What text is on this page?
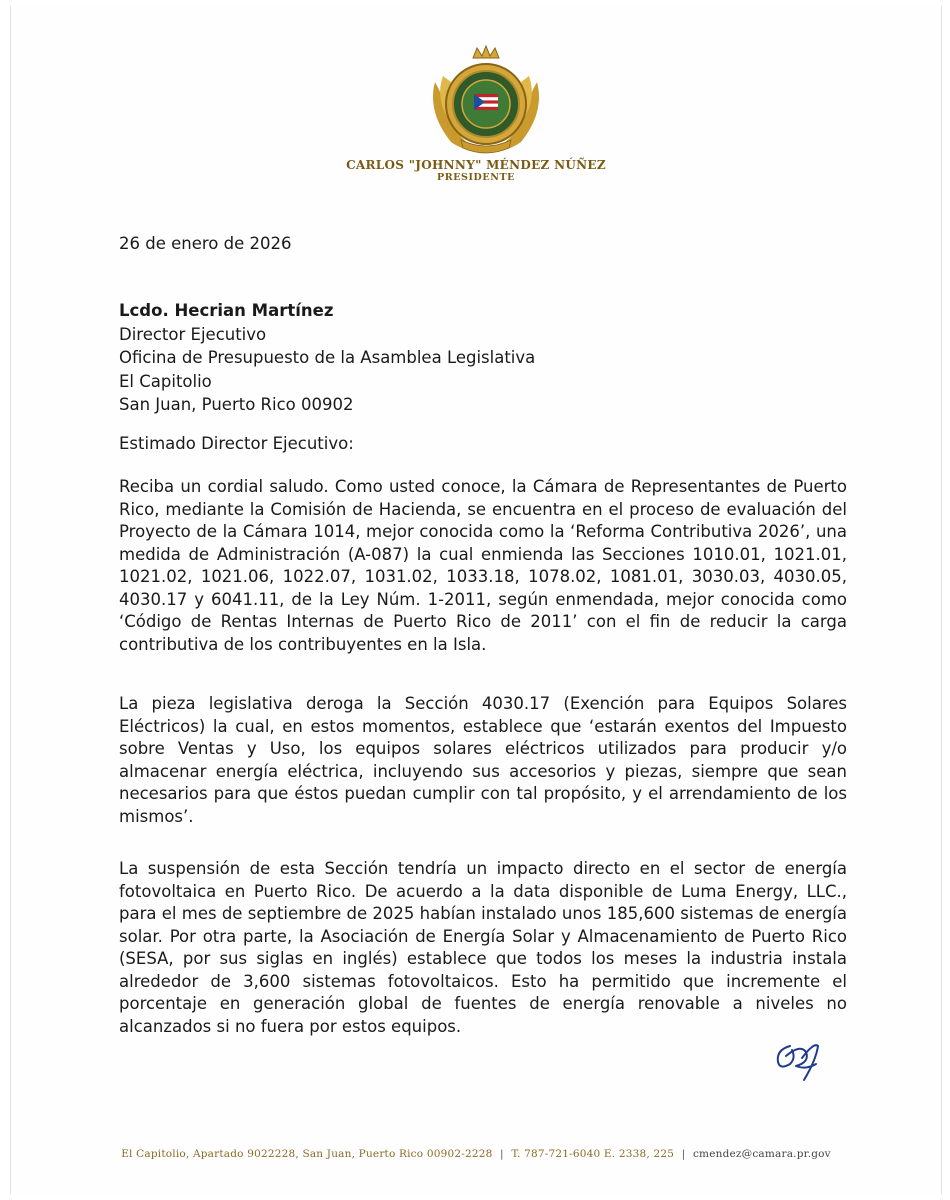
CARLOS "JOHNNY" MÉNDEZ NÚÑEZ
PRESIDENTE
26 de enero de 2026
Lcdo. Hecrian Martínez
Director Ejecutivo
Oficina de Presupuesto de la Asamblea Legislativa
El Capitolio
San Juan, Puerto Rico 00902
Estimado Director Ejecutivo:

Reciba un cordial saludo. Como usted conoce, la Cámara de Representantes de Puerto Rico, mediante la Comisión de Hacienda, se encuentra en el proceso de evaluación del Proyecto de la Cámara 1014, mejor conocida como la ‘Reforma Contributiva 2026’, una medida de Administración (A-087) la cual enmienda las Secciones 1010.01, 1021.01, 1021.02, 1021.06, 1022.07, 1031.02, 1033.18, 1078.02, 1081.01, 3030.03, 4030.05, 4030.17 y 6041.11, de la Ley Núm. 1-2011, según enmendada, mejor conocida como ‘Código de Rentas Internas de Puerto Rico de 2011’ con el fin de reducir la carga contributiva de los contribuyentes en la Isla.

La pieza legislativa deroga la Sección 4030.17 (Exención para Equipos Solares Eléctricos) la cual, en estos momentos, establece que ‘estarán exentos del Impuesto sobre Ventas y Uso, los equipos solares eléctricos utilizados para producir y/o almacenar energía eléctrica, incluyendo sus accesorios y piezas, siempre que sean necesarios para que éstos puedan cumplir con tal propósito, y el arrendamiento de los mismos’.

La suspensión de esta Sección tendría un impacto directo en el sector de energía fotovoltaica en Puerto Rico. De acuerdo a la data disponible de Luma Energy, LLC., para el mes de septiembre de 2025 habían instalado unos 185,600 sistemas de energía solar. Por otra parte, la Asociación de Energía Solar y Almacenamiento de Puerto Rico (SESA, por sus siglas en inglés) establece que todos los meses la industria instala alrededor de 3,600 sistemas fotovoltaicos. Esto ha permitido que incremente el porcentaje en generación global de fuentes de energía renovable a niveles no alcanzados si no fuera por estos equipos.

El Capitolio, Apartado 9022228, San Juan, Puerto Rico 00902-2228 | T. 787-721-6040 E. 2338, 225 | cmendez@camara.pr.gov
